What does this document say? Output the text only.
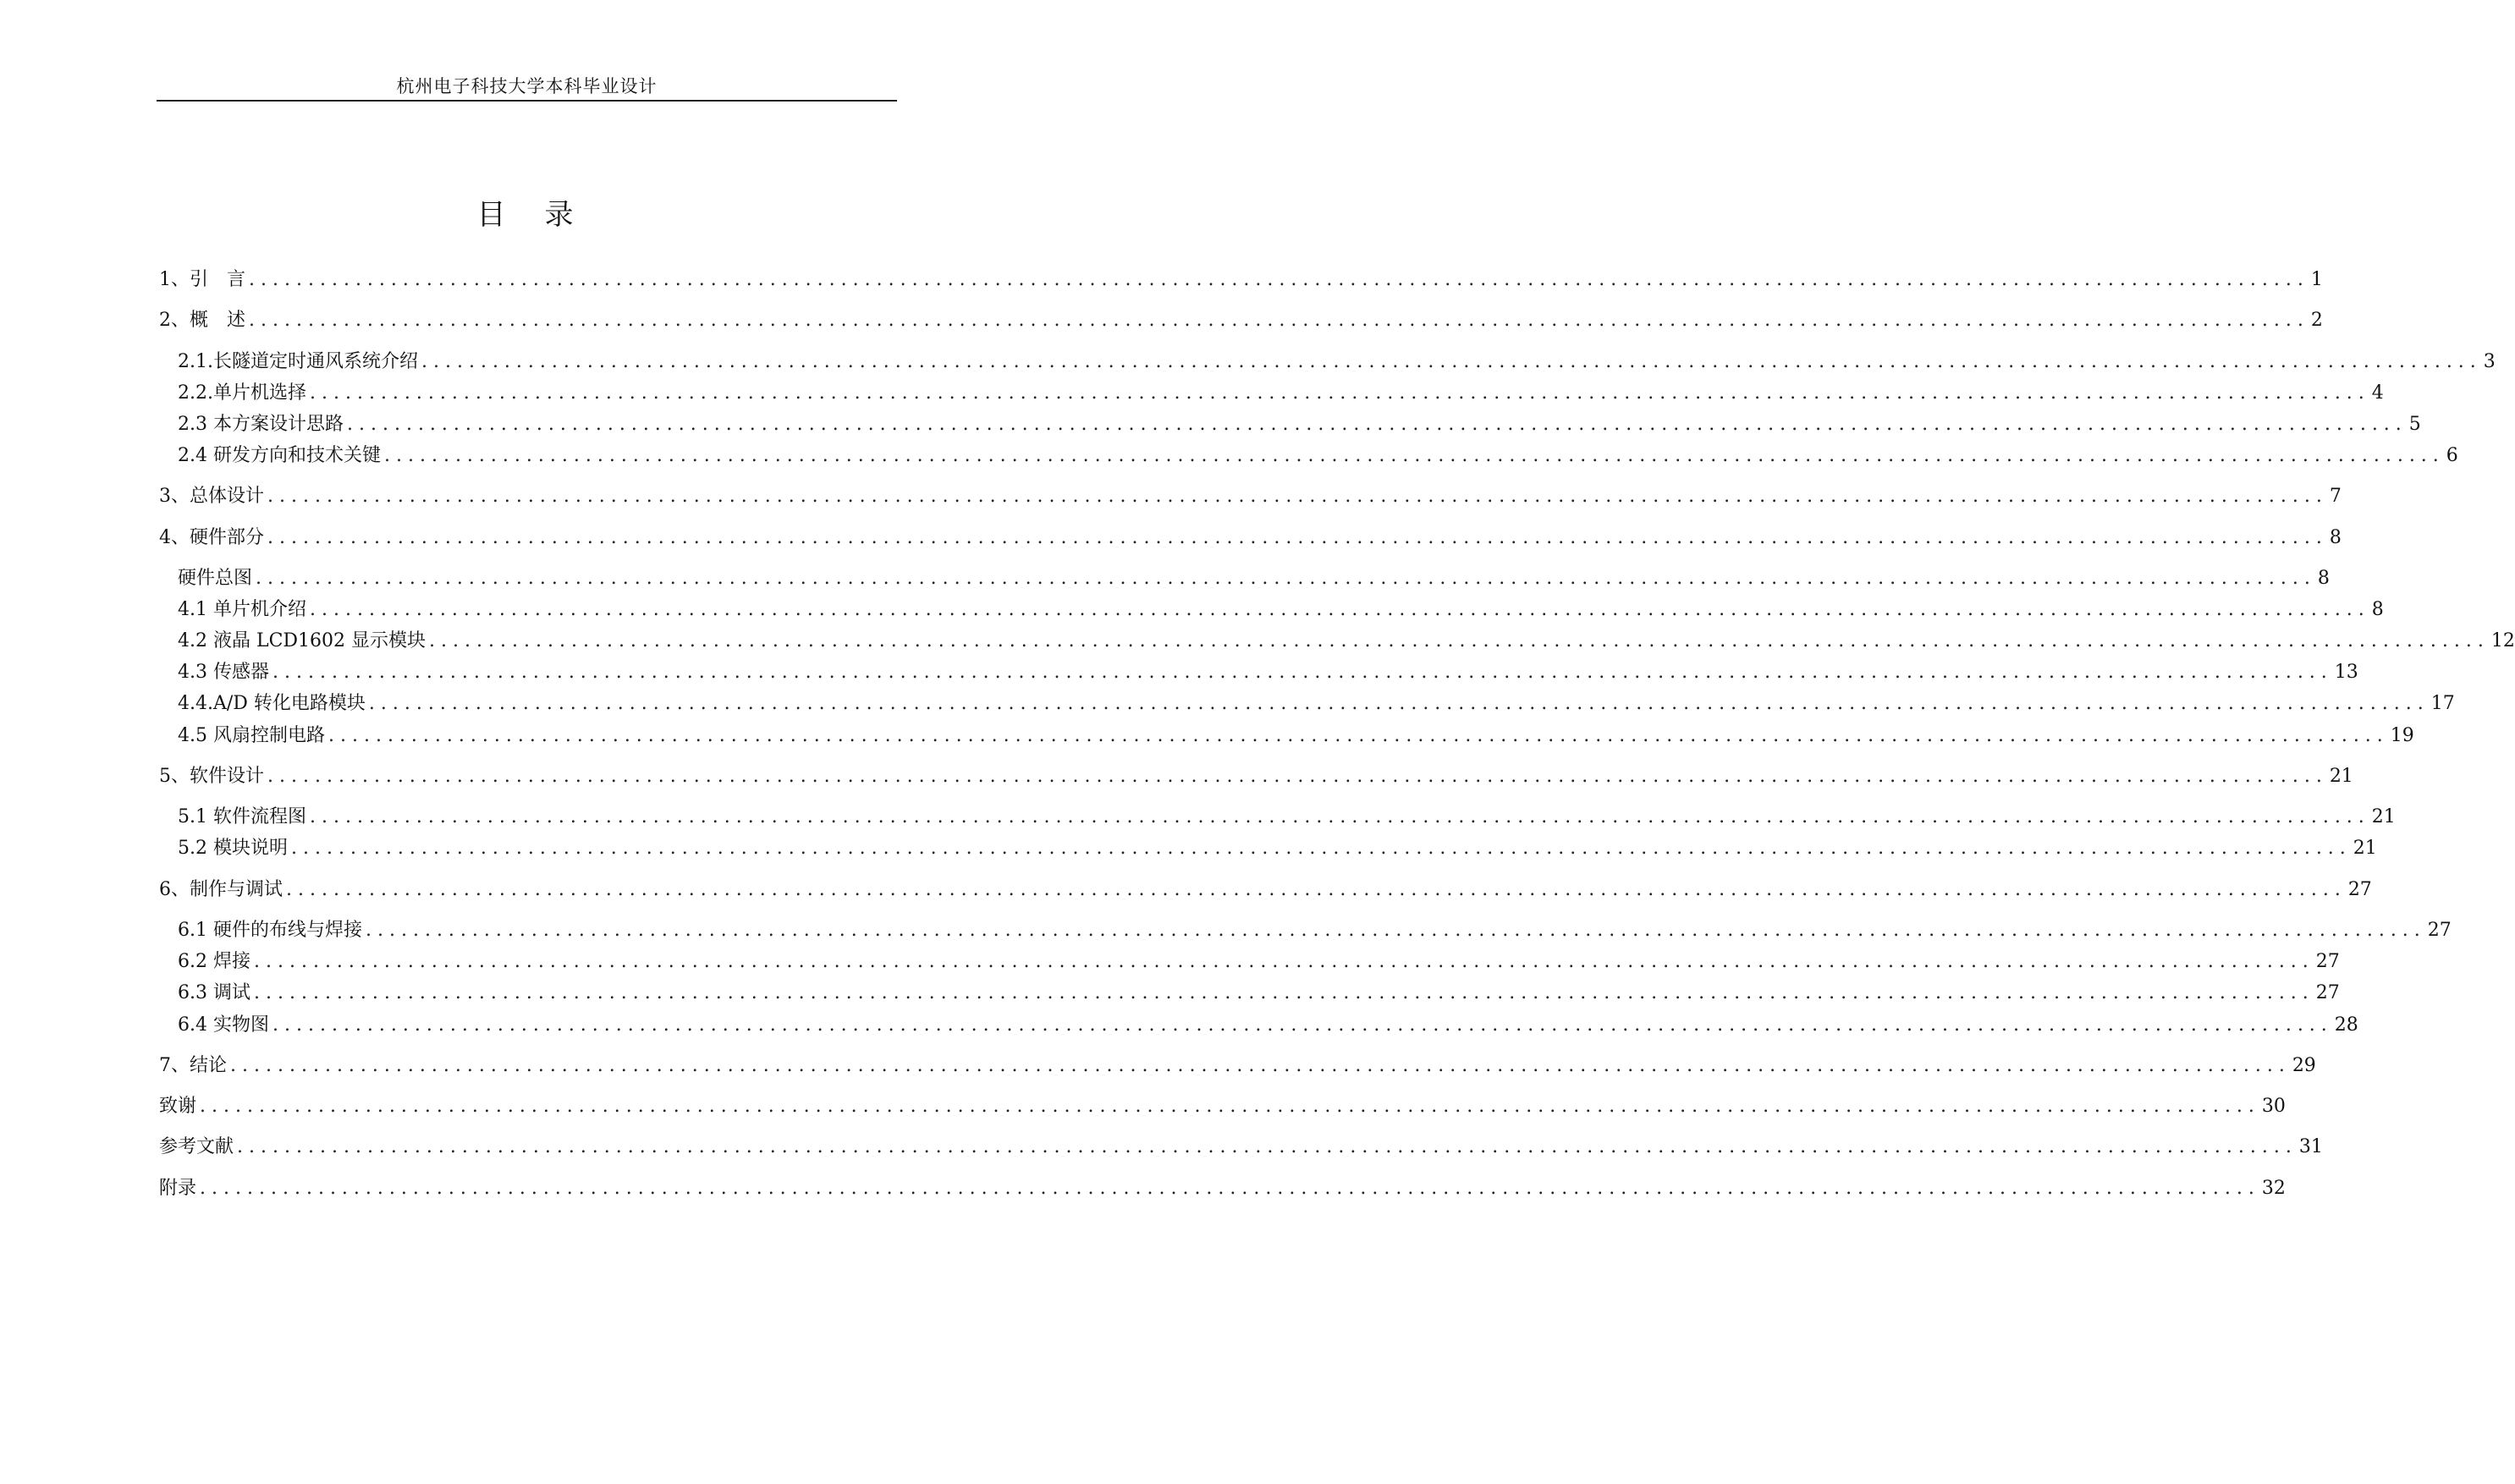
杭州电子科技大学本科毕业设计
目 录
1、引　言 .............................................................................................................................................................................. 1
2、概　述 .............................................................................................................................................................................. 2
2.1.长隧道定时通风系统介绍 .............................................................................................................................................................................. 3
2.2.单片机选择 .............................................................................................................................................................................. 4
2.3 本方案设计思路 .............................................................................................................................................................................. 5
2.4 研发方向和技术关键 .............................................................................................................................................................................. 6
3、总体设计 .............................................................................................................................................................................. 7
4、硬件部分 .............................................................................................................................................................................. 8
硬件总图 .............................................................................................................................................................................. 8
4.1 单片机介绍 .............................................................................................................................................................................. 8
4.2 液晶 LCD1602 显示模块 .............................................................................................................................................................................. 12
4.3 传感器 .............................................................................................................................................................................. 13
4.4.A/D 转化电路模块 .............................................................................................................................................................................. 17
4.5 风扇控制电路 .............................................................................................................................................................................. 19
5、软件设计 .............................................................................................................................................................................. 21
5.1 软件流程图 .............................................................................................................................................................................. 21
5.2 模块说明 .............................................................................................................................................................................. 21
6、制作与调试 .............................................................................................................................................................................. 27
6.1 硬件的布线与焊接 .............................................................................................................................................................................. 27
6.2 焊接 .............................................................................................................................................................................. 27
6.3 调试 .............................................................................................................................................................................. 27
6.4 实物图 .............................................................................................................................................................................. 28
7、结论 .............................................................................................................................................................................. 29
致谢 .............................................................................................................................................................................. 30
参考文献 .............................................................................................................................................................................. 31
附录 .............................................................................................................................................................................. 32
